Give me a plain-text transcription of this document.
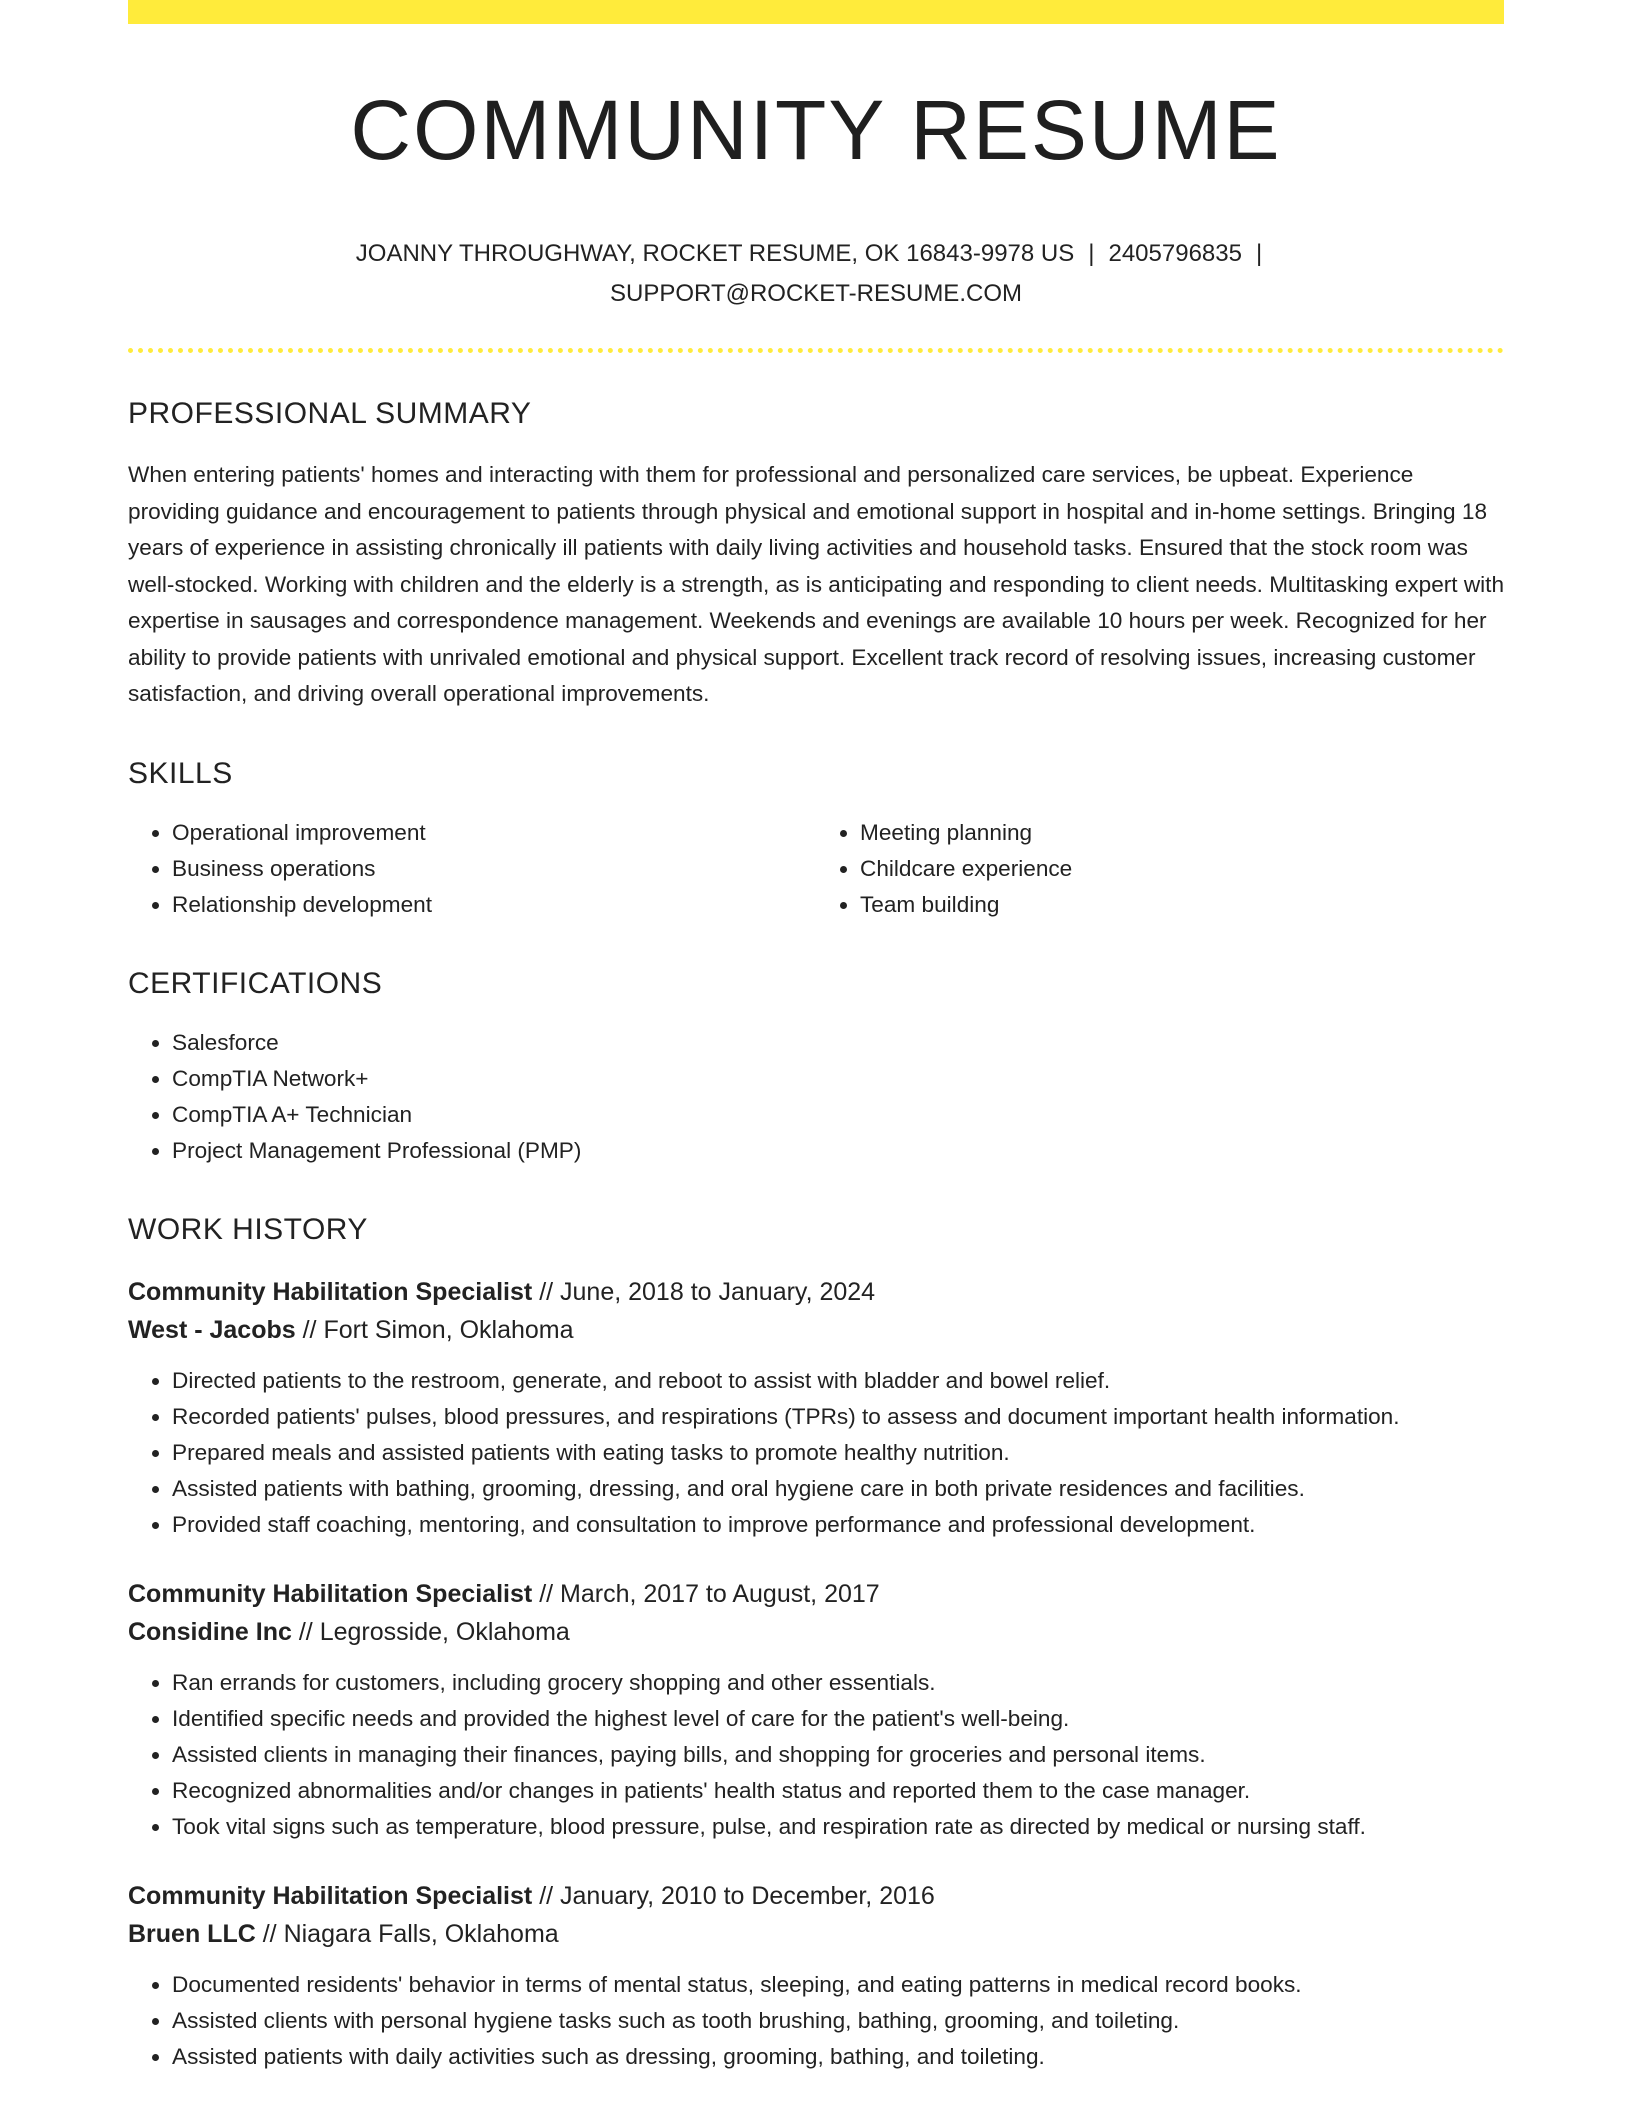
COMMUNITY RESUME
JOANNY THROUGHWAY, ROCKET RESUME, OK 16843-9978 US | 2405796835 |
SUPPORT@ROCKET-RESUME.COM
PROFESSIONAL SUMMARY

When entering patients' homes and interacting with them for professional and personalized care services, be upbeat. Experience providing guidance and encouragement to patients through physical and emotional support in hospital and in-home settings. Bringing 18 years of experience in assisting chronically ill patients with daily living activities and household tasks. Ensured that the stock room was well-stocked. Working with children and the elderly is a strength, as is anticipating and responding to client needs. Multitasking expert with expertise in sausages and correspondence management. Weekends and evenings are available 10 hours per week. Recognized for her ability to provide patients with unrivaled emotional and physical support. Excellent track record of resolving issues, increasing customer satisfaction, and driving overall operational improvements.

SKILLS
• Operational improvement
• Business operations
• Relationship development
• Meeting planning
• Childcare experience
• Team building
CERTIFICATIONS
• Salesforce
• CompTIA Network+
• CompTIA A+ Technician
• Project Management Professional (PMP)
WORK HISTORY
Community Habilitation Specialist // June, 2018 to January, 2024
West - Jacobs // Fort Simon, Oklahoma
• Directed patients to the restroom, generate, and reboot to assist with bladder and bowel relief.
• Recorded patients' pulses, blood pressures, and respirations (TPRs) to assess and document important health information.
• Prepared meals and assisted patients with eating tasks to promote healthy nutrition.
• Assisted patients with bathing, grooming, dressing, and oral hygiene care in both private residences and facilities.
• Provided staff coaching, mentoring, and consultation to improve performance and professional development.
Community Habilitation Specialist // March, 2017 to August, 2017
Considine Inc // Legrosside, Oklahoma
• Ran errands for customers, including grocery shopping and other essentials.
• Identified specific needs and provided the highest level of care for the patient's well-being.
• Assisted clients in managing their finances, paying bills, and shopping for groceries and personal items.
• Recognized abnormalities and/or changes in patients' health status and reported them to the case manager.
• Took vital signs such as temperature, blood pressure, pulse, and respiration rate as directed by medical or nursing staff.
Community Habilitation Specialist // January, 2010 to December, 2016
Bruen LLC // Niagara Falls, Oklahoma
• Documented residents' behavior in terms of mental status, sleeping, and eating patterns in medical record books.
• Assisted clients with personal hygiene tasks such as tooth brushing, bathing, grooming, and toileting.
• Assisted patients with daily activities such as dressing, grooming, bathing, and toileting.
